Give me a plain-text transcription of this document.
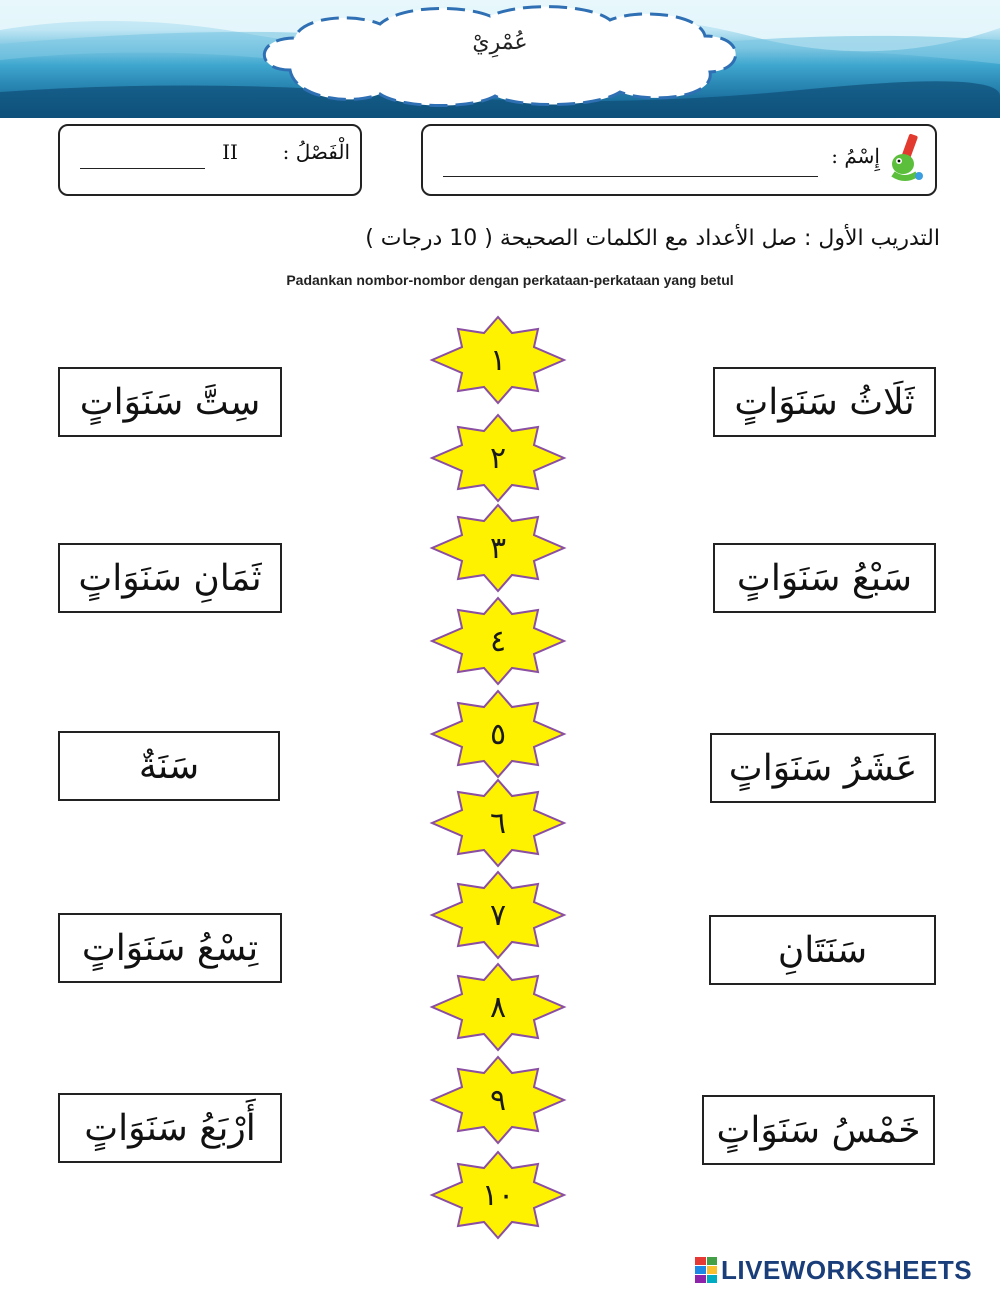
عُمْرِيْ
الْفَصْلُ :
II	إِسْمُ :
التدريب الأول : صل الأعداد مع الكلمات الصحيحة ( 10 درجات )
Padankan nombor-nombor dengan perkataan-perkataan yang betul
سِتَّ سَنَوَاتٍ
ثَمَانِ سَنَوَاتٍ
سَنَةٌ
تِسْعُ سَنَوَاتٍ
أَرْبَعُ سَنَوَاتٍ
ثَلَاثُ سَنَوَاتٍ
سَبْعُ سَنَوَاتٍ
عَشَرُ سَنَوَاتٍ
سَنَتَانِ
خَمْسُ سَنَوَاتٍ
١
٢
٣
٤
٥
٦
٧
٨
٩
١٠
LIVEWORKSHEETS
